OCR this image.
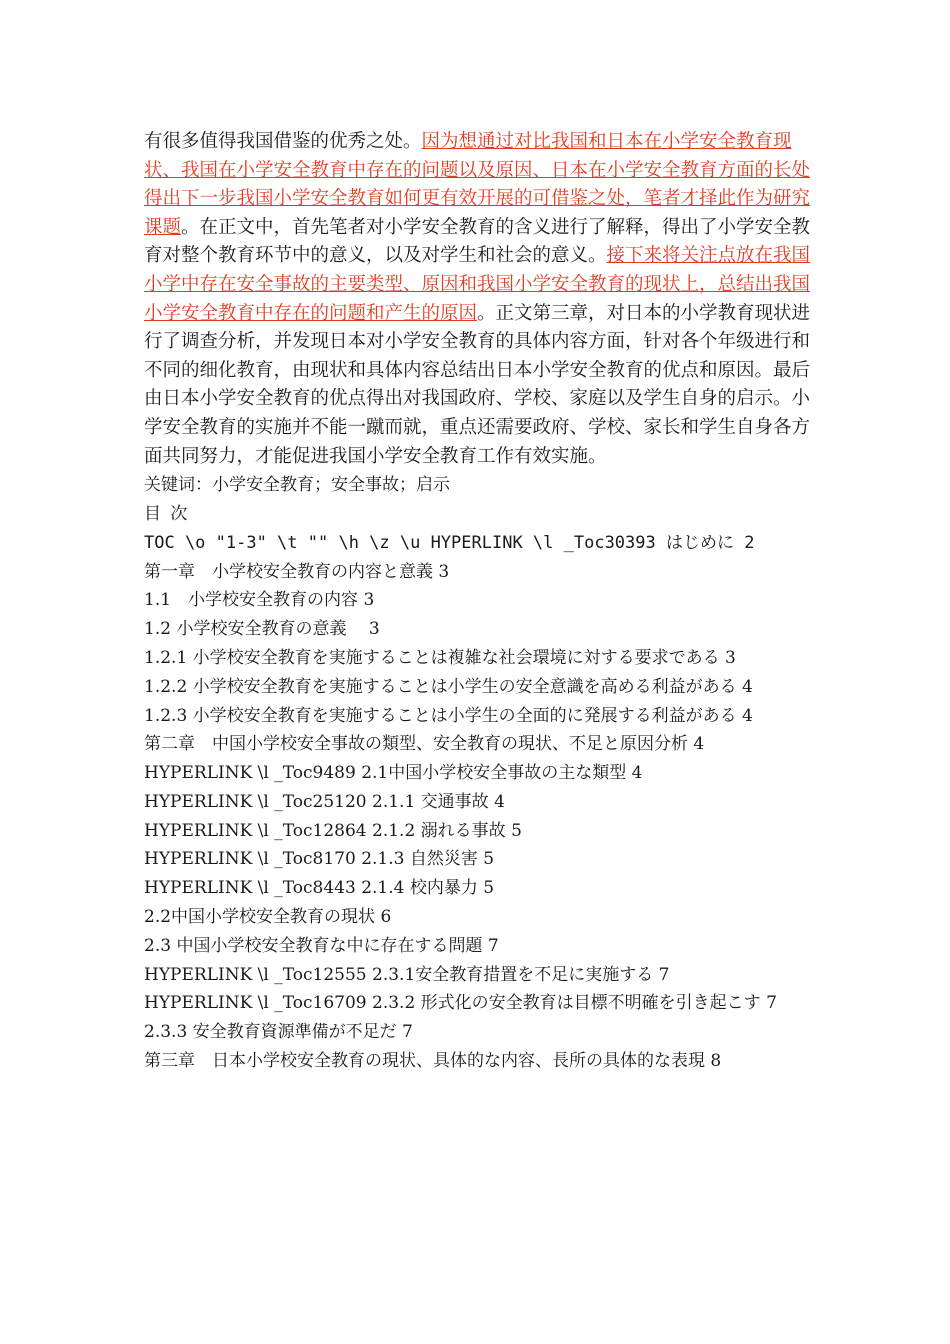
有很多值得我国借鉴的优秀之处。因为想通过对比我国和日本在小学安全教育现状、我国在小学安全教育中存在的问题以及原因、日本在小学安全教育方面的长处得出下一步我国小学安全教育如何更有效开展的可借鉴之处，笔者才择此作为研究课题。在正文中，首先笔者对小学安全教育的含义进行了解释，得出了小学安全教育对整个教育环节中的意义，以及对学生和社会的意义。接下来将关注点放在我国小学中存在安全事故的主要类型、原因和我国小学安全教育的现状上，总结出我国小学安全教育中存在的问题和产生的原因。正文第三章，对日本的小学教育现状进行了调查分析，并发现日本对小学安全教育的具体内容方面，针对各个年级进行和不同的细化教育，由现状和具体内容总结出日本小学安全教育的优点和原因。最后由日本小学安全教育的优点得出对我国政府、学校、家庭以及学生自身的启示。小学安全教育的实施并不能一蹴而就，重点还需要政府、学校、家长和学生自身各方面共同努力，才能促进我国小学安全教育工作有效实施。

关键词：小学安全教育；安全事故；启示

目 次

TOC \o "1-3" \t "" \h \z \u HYPERLINK \l _Toc30393 はじめに 2

第一章　小学校安全教育の内容と意義 3

1.1　小学校安全教育の内容 3

1.2 小学校安全教育の意義　 3

1.2.1 小学校安全教育を実施することは複雑な社会環境に対する要求である 3

1.2.2 小学校安全教育を実施することは小学生の安全意識を高める利益がある 4

1.2.3 小学校安全教育を実施することは小学生の全面的に発展する利益がある 4

第二章　中国小学校安全事故の類型、安全教育の現状、不足と原因分析 4

HYPERLINK \l _Toc9489 2.1中国小学校安全事故の主な類型 4

HYPERLINK \l _Toc25120 2.1.1 交通事故 4

HYPERLINK \l _Toc12864 2.1.2 溺れる事故 5

HYPERLINK \l _Toc8170 2.1.3 自然災害 5

HYPERLINK \l _Toc8443 2.1.4 校内暴力 5

2.2中国小学校安全教育の現状 6

2.3 中国小学校安全教育な中に存在する問題 7

HYPERLINK \l _Toc12555 2.3.1安全教育措置を不足に実施する 7

HYPERLINK \l _Toc16709 2.3.2 形式化の安全教育は目標不明確を引き起こす 7

2.3.3 安全教育資源準備が不足だ 7

第三章　日本小学校安全教育の現状、具体的な内容、長所の具体的な表現 8
